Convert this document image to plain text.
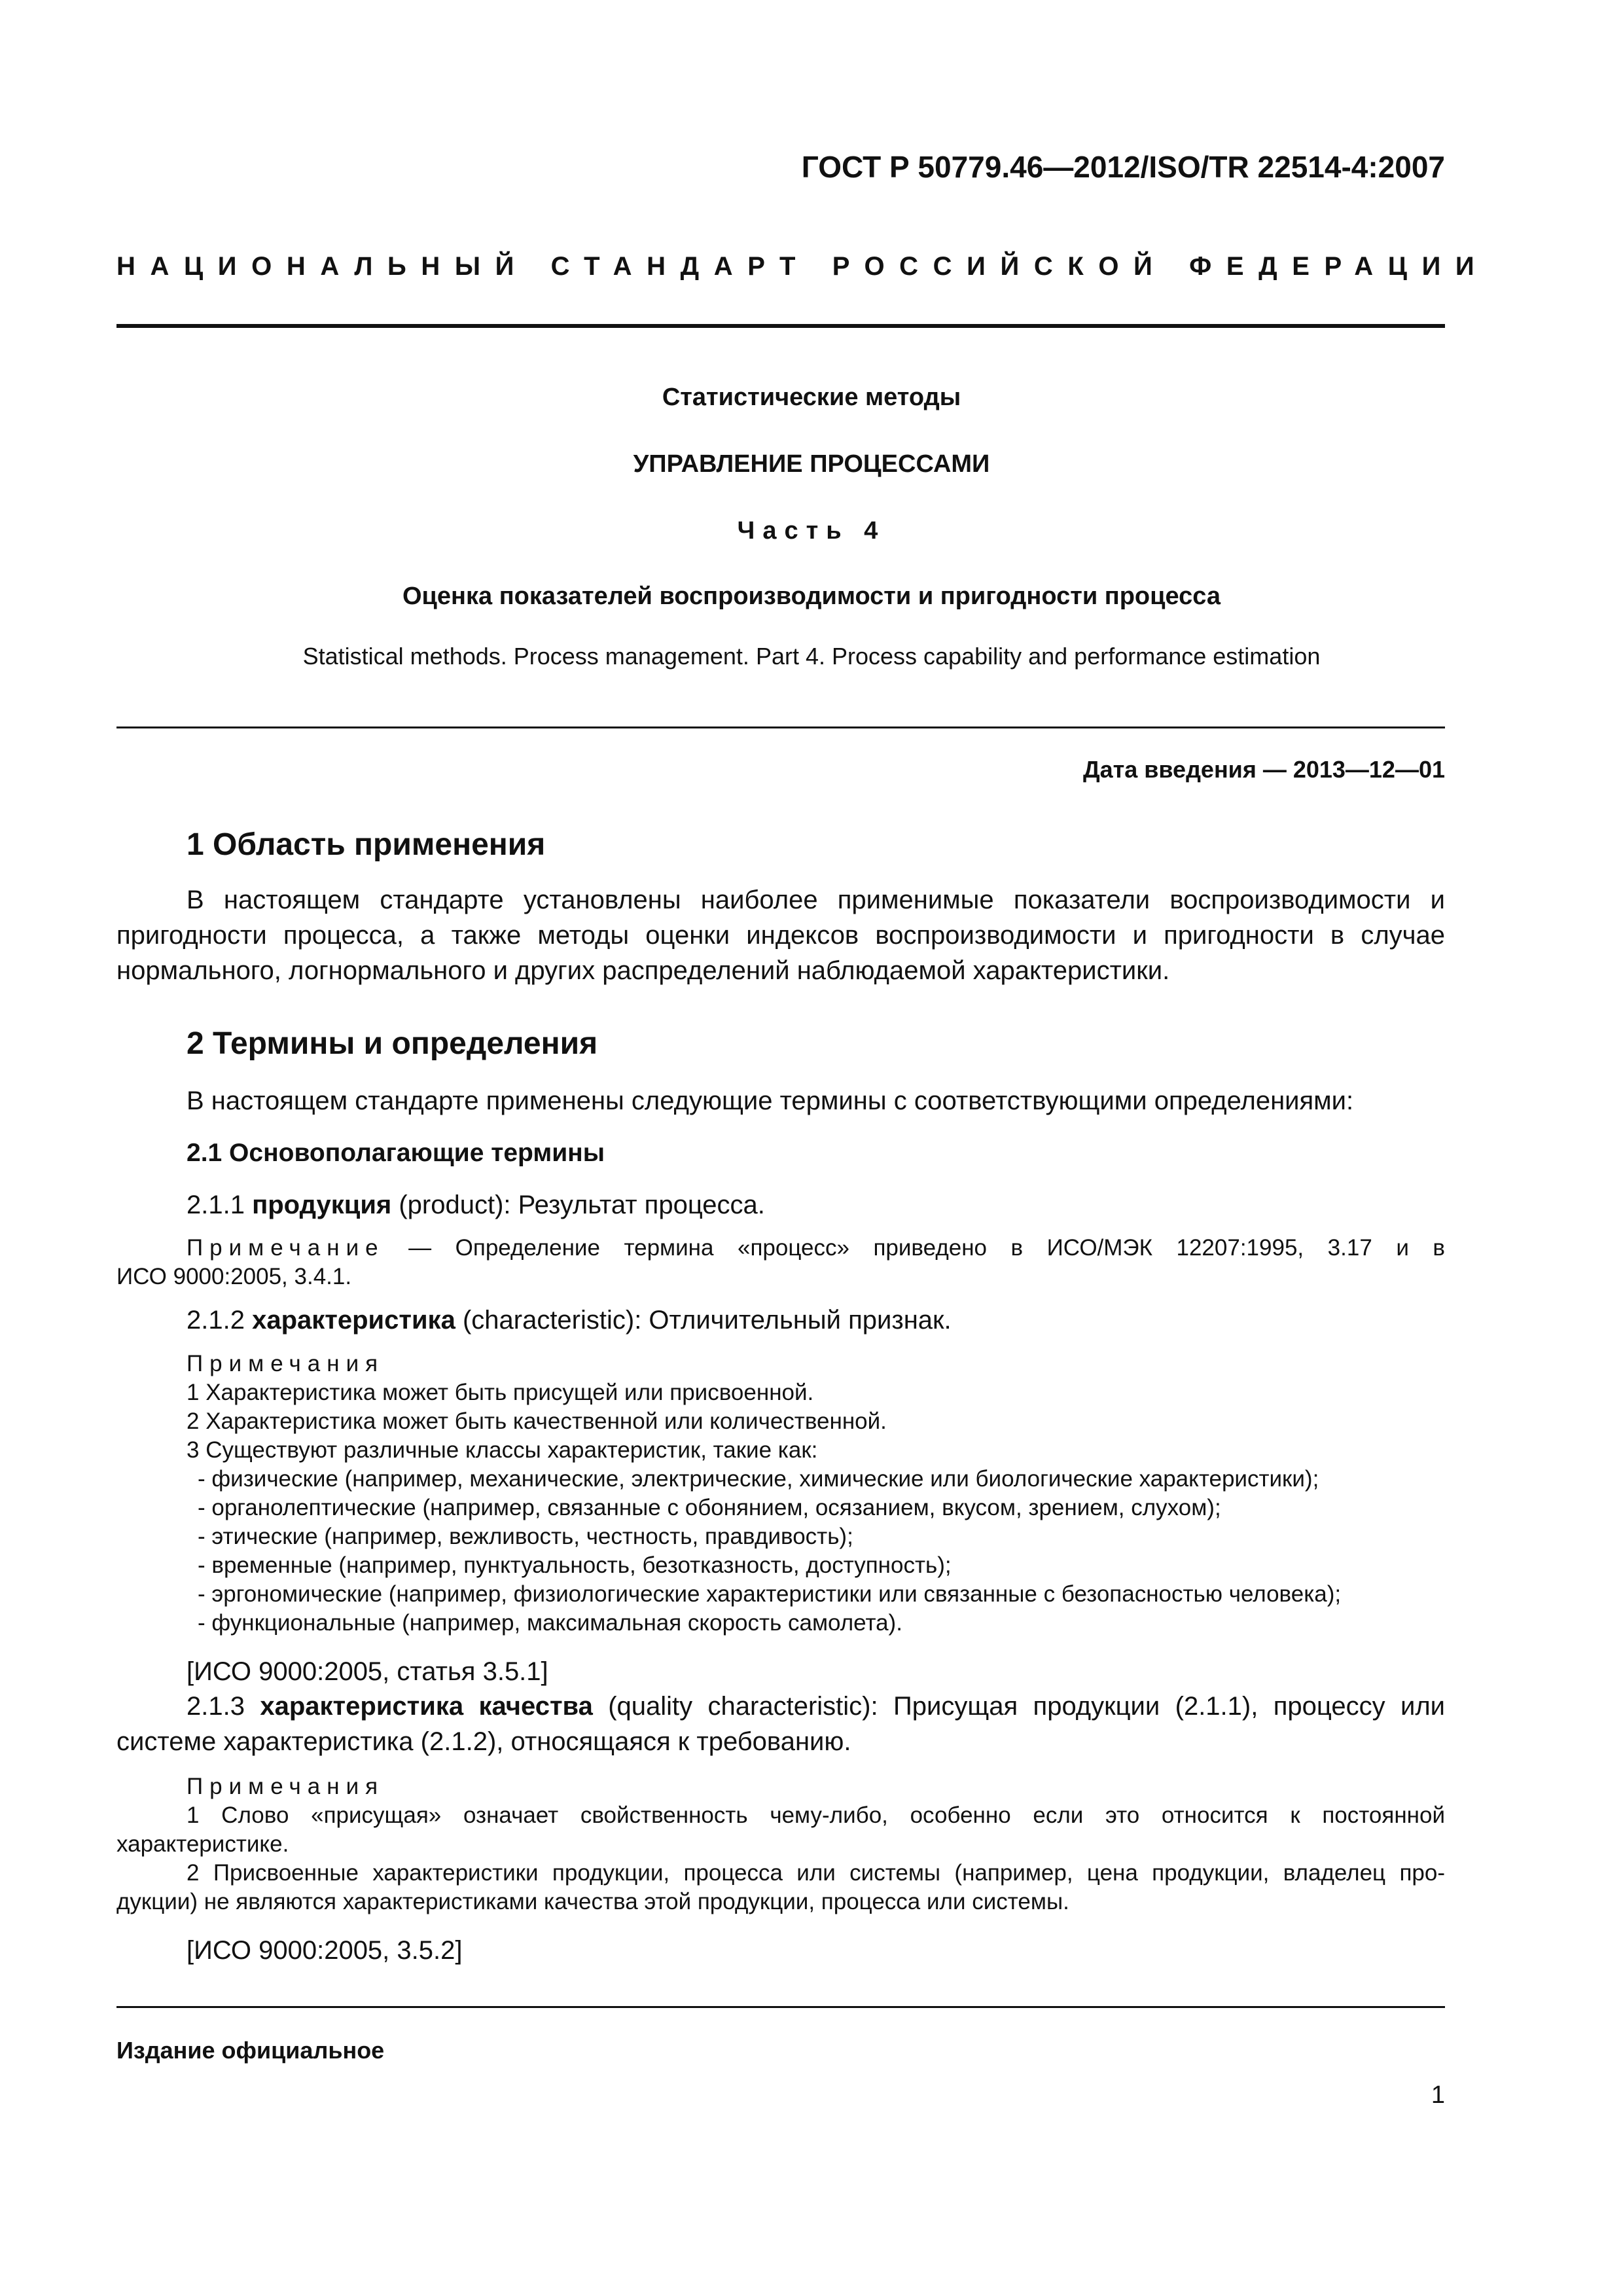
ГОСТ Р 50779.46—2012/ISO/TR 22514-4:2007
НАЦИОНАЛЬНЫЙ СТАНДАРТ РОССИЙСКОЙ ФЕДЕРАЦИИ
Статистические методы
УПРАВЛЕНИЕ ПРОЦЕССАМИ
Часть 4
Оценка показателей воспроизводимости и пригодности процесса
Statistical methods. Process management. Part 4. Process capability and performance estimation
Дата введения — 2013—12—01
1 Область применения
В настоящем стандарте установлены наиболее применимые показатели воспроизводимости и
пригодности процесса, а также методы оценки индексов воспроизводимости и пригодности в случае
нормального, логнормального и других распределений наблюдаемой характеристики.
2 Термины и определения
В настоящем стандарте применены следующие термины с соответствующими определениями:
2.1 Основополагающие термины
2.1.1 продукция (product): Результат процесса.
Примечание — Определение термина «процесс» приведено в ИСО/МЭК 12207:1995, 3.17 и в
ИСО 9000:2005, 3.4.1.
2.1.2 характеристика (characteristic): Отличительный признак.
Примечания
1 Характеристика может быть присущей или присвоенной.
2 Характеристика может быть качественной или количественной.
3 Существуют различные классы характеристик, такие как:
- физические (например, механические, электрические, химические или биологические характеристики);
- органолептические (например, связанные с обонянием, осязанием, вкусом, зрением, слухом);
- этические (например, вежливость, честность, правдивость);
- временные (например, пунктуальность, безотказность, доступность);
- эргономические (например, физиологические характеристики или связанные с безопасностью человека);
- функциональные (например, максимальная скорость самолета).
[ИСО 9000:2005, статья 3.5.1]
2.1.3 характеристика качества (quality characteristic): Присущая продукции (2.1.1), процессу или
системе характеристика (2.1.2), относящаяся к требованию.
Примечания
1 Слово «присущая» означает свойственность чему-либо, особенно если это относится к постоянной
характеристике.
2 Присвоенные характеристики продукции, процесса или системы (например, цена продукции, владелец про-
дукции) не являются характеристиками качества этой продукции, процесса или системы.
[ИСО 9000:2005, 3.5.2]
Издание официальное
1
